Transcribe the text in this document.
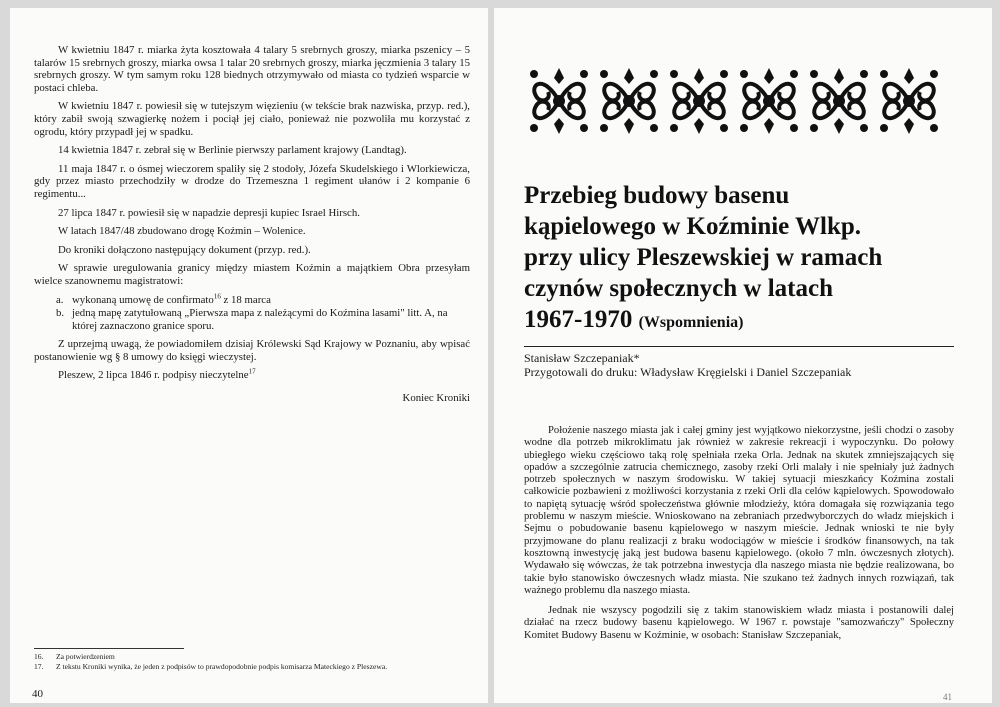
W kwietniu 1847 r. miarka żyta kosztowała 4 talary 5 srebrnych groszy, miarka pszenicy – 5 talarów 15 srebrnych groszy, miarka owsa 1 talar 20 srebrnych groszy, miarka jęczmienia 3 talary 15 srebrnych groszy. W tym samym roku 128 biednych otrzymywało od miasta co tydzień wsparcie w postaci chleba.

W kwietniu 1847 r. powiesił się w tutejszym więzieniu (w tekście brak nazwiska, przyp. red.), który zabił swoją szwagierkę nożem i pociął jej ciało, ponieważ nie pozwoliła mu korzystać z ogrodu, który przypadł jej w spadku.

14 kwietnia 1847 r. zebrał się w Berlinie pierwszy parlament krajowy (Landtag).

11 maja 1847 r. o ósmej wieczorem spaliły się 2 stodoły, Józefa Skudelskiego i Wlorkiewicza, gdy przez miasto przechodziły w drodze do Trzemeszna 1 regiment ułanów i 2 kompanie 6 regimentu...

27 lipca 1847 r. powiesił się w napadzie depresji kupiec Israel Hirsch.

W latach 1847/48 zbudowano drogę Koźmin – Wolenice.

Do kroniki dołączono następujący dokument (przyp. red.).

W sprawie uregulowania granicy między miastem Koźmin a majątkiem Obra przesyłam wielce szanownemu magistratowi:

a. wykonaną umowę de confirmato$^{16}$ z 18 marca
b. jedną mapę zatytułowaną „Pierwsza mapa z należącymi do Koźmina lasami" litt. A, na której zaznaczono granice sporu.

Z uprzejmą uwagą, że powiadomiłem dzisiaj Królewski Sąd Krajowy w Poznaniu, aby wpisać postanowienie wg § 8 umowy do księgi wieczystej.

Pleszew, 2 lipca 1846 r. podpisy nieczytelne$^{17}$

Koniec Kroniki

16. Za potwierdzeniem

17. Z tekstu Kroniki wynika, że jeden z podpisów to prawdopodobnie podpis komisarza Mateckiego z Pleszewa.

40
Przebieg budowy basenu
kąpielowego w Koźminie Wlkp.
przy ulicy Pleszewskiej w ramach
czynów społecznych w latach
1967-1970 (Wspomnienia)

Stanisław Szczepaniak*

Przygotowali do druku: Władysław Kręgielski i Daniel Szczepaniak

Położenie naszego miasta jak i całej gminy jest wyjątkowo niekorzystne, jeśli chodzi o zasoby wodne dla potrzeb mikroklimatu jak również w zakresie rekreacji i wypoczynku. Do połowy ubiegłego wieku częściowo taką rolę spełniała rzeka Orla. Jednak na skutek zmniejszających się opadów a szczególnie zatrucia chemicznego, zasoby rzeki Orli malały i nie spełniały już żadnych potrzeb społecznych w naszym środowisku. W takiej sytuacji mieszkańcy Koźmina zostali całkowicie pozbawieni z możliwości korzystania z rzeki Orli dla celów kąpielowych. Spowodowało to napiętą sytuację wśród społeczeństwa głównie młodzieży, która domagała się rozwiązania tego problemu w naszym mieście. Wnioskowano na zebraniach przedwyborczych do władz miejskich i Sejmu o pobudowanie basenu kąpielowego w naszym mieście. Jednak wnioski te nie były przyjmowane do planu realizacji z braku wodociągów w mieście i środków finansowych, na tak kosztowną inwestycję jaką jest budowa basenu kąpielowego. (około 7 mln. ówczesnych złotych). Wydawało się wówczas, że tak potrzebna inwestycja dla naszego miasta nie będzie realizowana, bo takie było stanowisko ówczesnych władz miasta. Nie szukano też żadnych innych rozwiązań, tak ważnego problemu dla naszego miasta.

Jednak nie wszyscy pogodzili się z takim stanowiskiem władz miasta i postanowili dalej działać na rzecz budowy basenu kąpielowego. W 1967 r. powstaje "samozwańczy" Społeczny Komitet Budowy Basenu w Koźminie, w osobach: Stanisław Szczepaniak,

41
